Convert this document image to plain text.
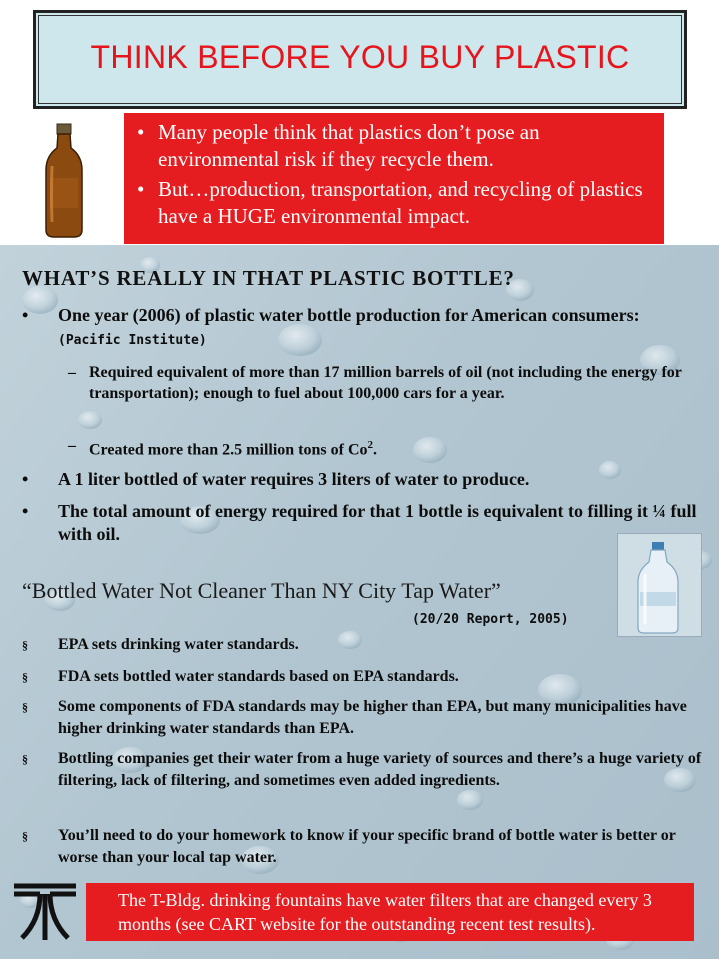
THINK BEFORE YOU BUY PLASTIC
• Many people think that plastics don’t pose an environmental risk if they recycle them.
• But…production, transportation, and recycling of plastics have a HUGE environmental impact.
WHAT’S REALLY IN THAT PLASTIC BOTTLE?
• One year (2006) of plastic water bottle production for American consumers:(Pacific Institute)
– Required equivalent of more than 17 million barrels of oil (not including the energy for transportation); enough to fuel about 100,000 cars for a year.
– Created more than 2.5 million tons of Co$^2$.
• A 1 liter bottled of water requires 3 liters of water to produce.
• The total amount of energy required for that 1 bottle is equivalent to filling it ¼ full with oil.
“Bottled Water Not Cleaner Than NY City Tap Water”
(20/20 Report, 2005)
§ EPA sets drinking water standards.
§ FDA sets bottled water standards based on EPA standards.
§ Some components of FDA standards may be higher than EPA, but many municipalities have higher drinking water standards than EPA.
§ Bottling companies get their water from a huge variety of sources and there’s a huge variety of filtering, lack of filtering, and sometimes even added ingredients.
§ You’ll need to do your homework to know if your specific brand of bottle water is better or worse than your local tap water.
The T-Bldg. drinking fountains have water filters that are changed every 3 months (see CART website for the outstanding recent test results).
